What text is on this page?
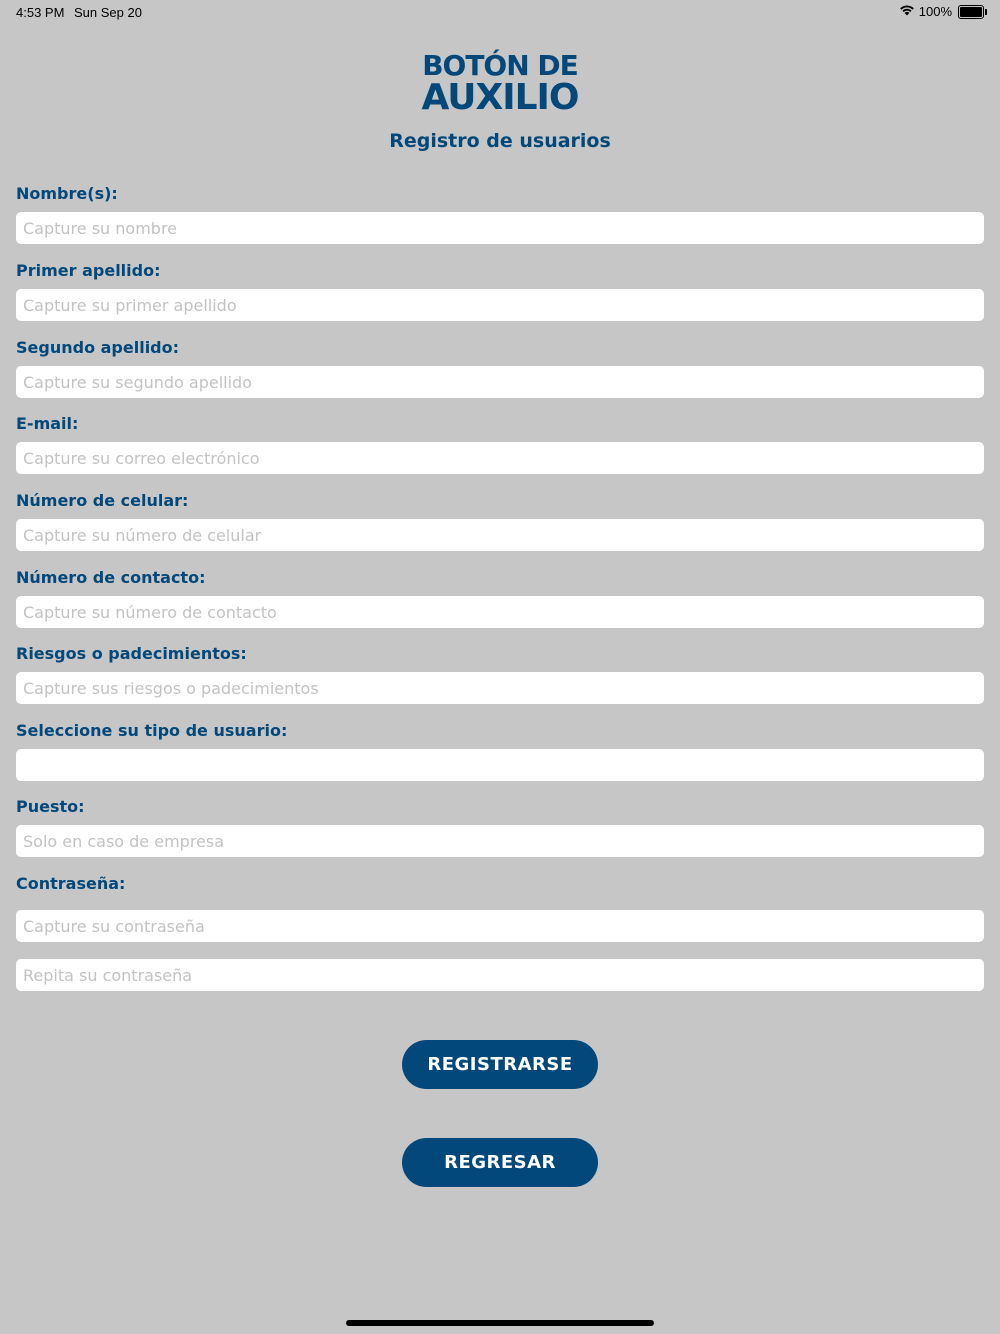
4:53 PM Sun Sep 20	100%
BOTÓN DE
AUXILIO
Registro de usuarios
Nombre(s):
Capture su nombre
Primer apellido:
Capture su primer apellido
Segundo apellido:
Capture su segundo apellido
E-mail:
Capture su correo electrónico
Número de celular:
Capture su número de celular
Número de contacto:
Capture su número de contacto
Riesgos o padecimientos:
Capture sus riesgos o padecimientos
Seleccione su tipo de usuario:
Puesto:
Solo en caso de empresa
Contraseña:
REGISTRARSE
REGRESAR
